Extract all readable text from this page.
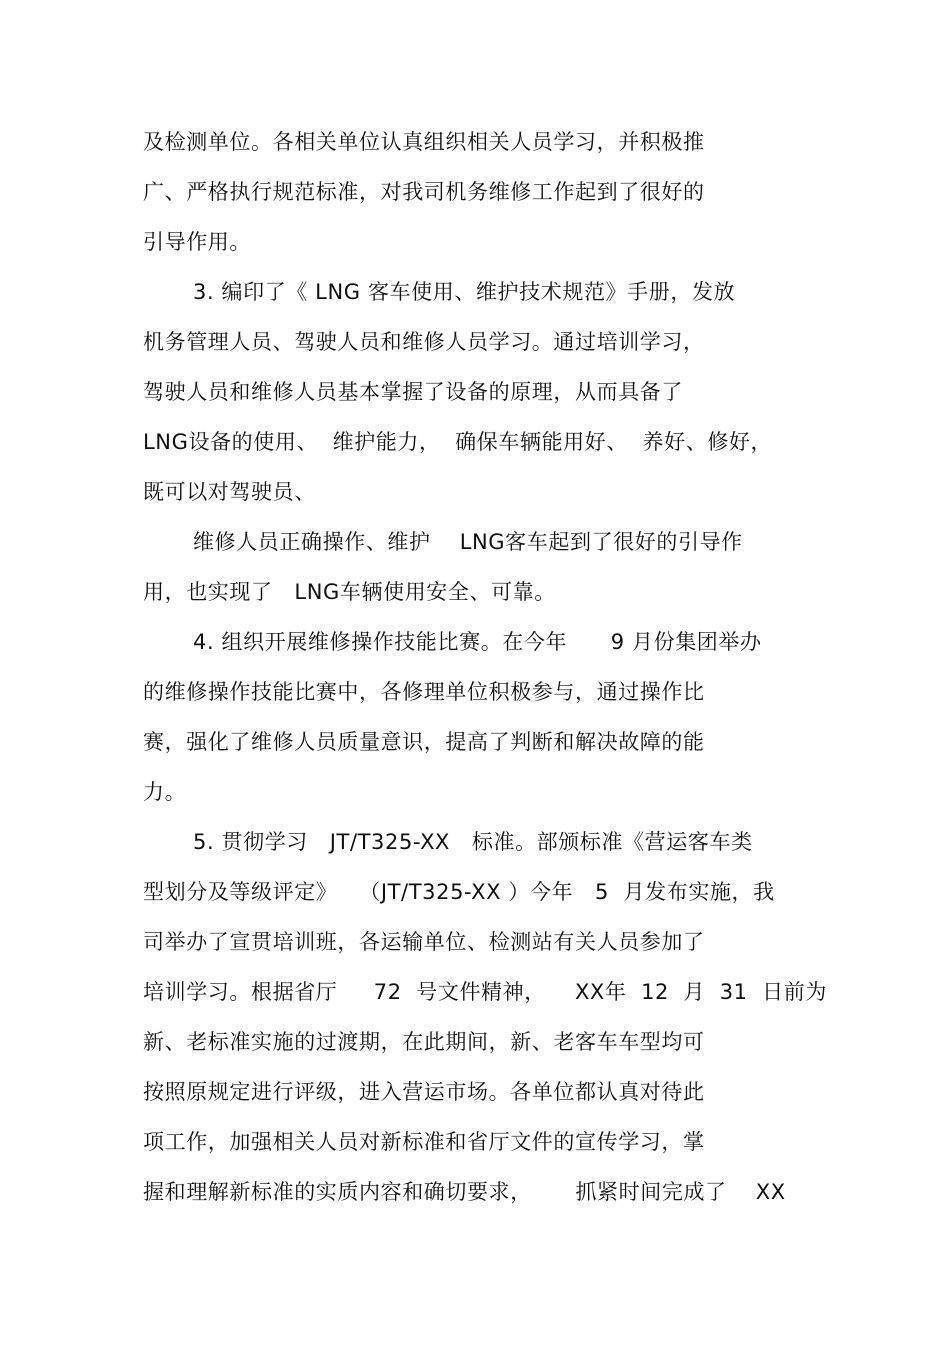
及检测单位。各相关单位认真组织相关人员学习，并积极推
广、严格执行规范标准，对我司机务维修工作起到了很好的
引导作用。
3. 编印了《 LNG 客车使用、维护技术规范》手册，发放
机务管理人员、驾驶人员和维修人员学习。通过培训学习，
驾驶人员和维修人员基本掌握了设备的原理，从而具备了
LNG设备的使用、  维护能力，  确保车辆能用好、  养好、修好，
既可以对驾驶员、
维修人员正确操作、维护    LNG客车起到了很好的引导作
用，也实现了   LNG车辆使用安全、可靠。
4. 组织开展维修操作技能比赛。在今年      9 月份集团举办
的维修操作技能比赛中，各修理单位积极参与，通过操作比
赛，强化了维修人员质量意识，提高了判断和解决故障的能
力。
5. 贯彻学习   JT/T325-XX   标准。部颁标准《营运客车类
型划分及等级评定》   （JT/T325-XX ）今年   5  月发布实施，我
司举办了宣贯培训班，各运输单位、检测站有关人员参加了
培训学习。根据省厅     72  号文件精神，    XX年  12  月  31  日前为
新、老标准实施的过渡期，在此期间，新、老客车车型均可
按照原规定进行评级，进入营运市场。各单位都认真对待此
项工作，加强相关人员对新标准和省厅文件的宣传学习，掌
握和理解新标准的实质内容和确切要求，      抓紧时间完成了    XX
